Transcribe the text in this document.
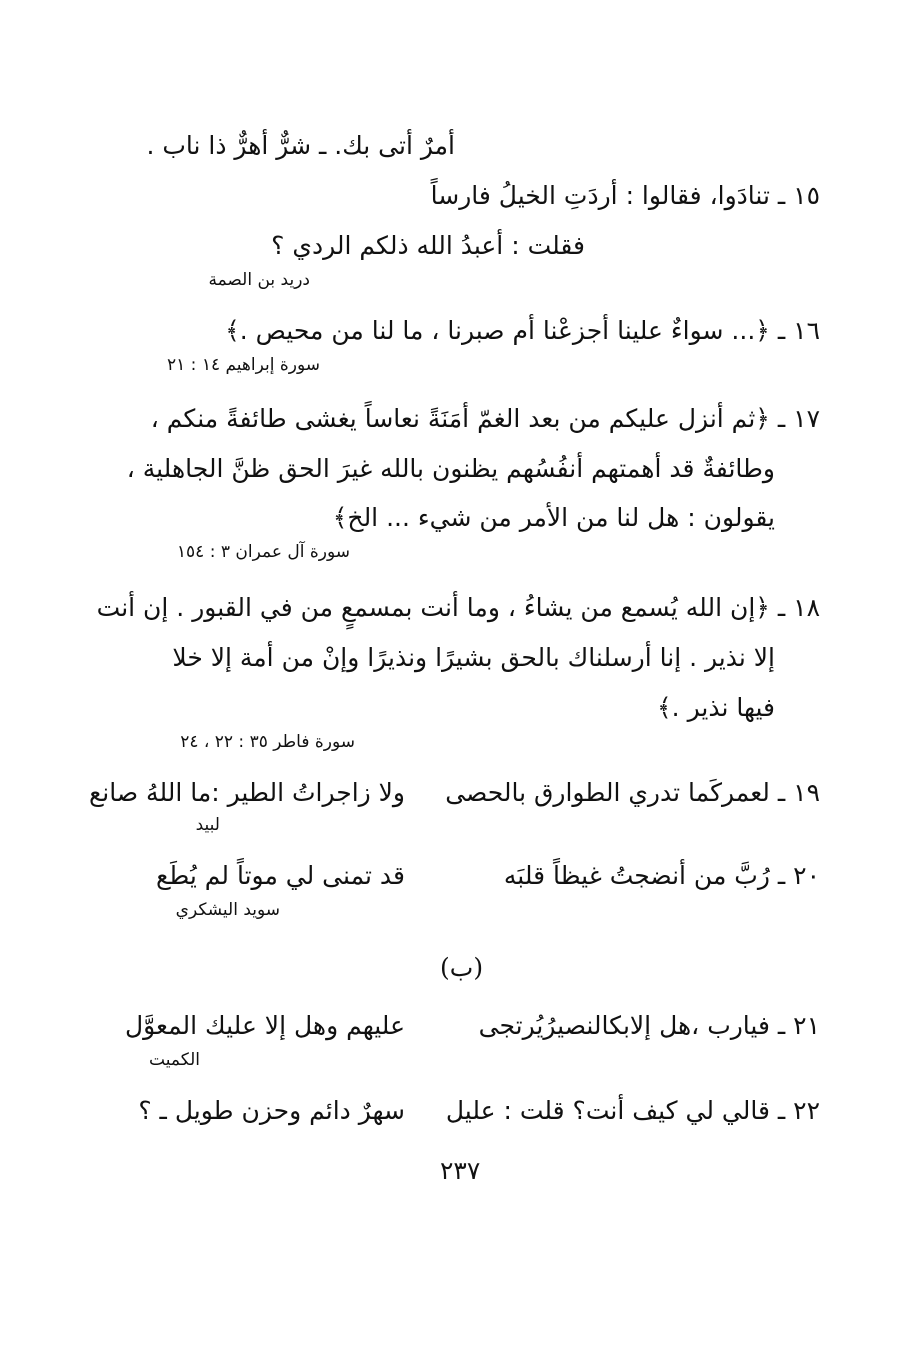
أمرٌ أتى بك. ـ شرٌّ أهرٌّ ذا ناب .
١٥ ـ تنادَوا، فقالوا : أردَتِ الخيلُ فارساً
فقلت : أعبدُ الله ذلكم الردي ؟
دريد بن الصمة
١٦ ـ ﴿... سواءٌ علينا أجزعْنا أم صبرنا ، ما لنا من محيص .﴾
سورة إبراهيم ١٤ : ٢١
١٧ ـ ﴿ثم أنزل عليكم من بعد الغمّ أمَنَةً نعاساً يغشى طائفةً منكم ،
وطائفةٌ قد أهمتهم أنفُسُهم يظنون بالله غيرَ الحق ظنَّ الجاهلية ،
يقولون : هل لنا من الأمر من شيء ... الخ﴾
سورة آل عمران ٣ : ١٥٤
١٨ ـ ﴿إن الله يُسمع من يشاءُ ، وما أنت بمسمعٍ من في القبور . إن أنت
إلا نذير . إنا أرسلناك بالحق بشيرًا ونذيرًا وإنْ من أمة إلا خلا
فيها نذير .﴾
سورة فاطر ٣٥ : ٢٢ ، ٢٤
١٩ ـ لعمركَما تدري الطوارق بالحصى
ولا زاجراتُ الطير :ما اللهُ صانع
لبيد
٢٠ ـ رُبَّ من أنضجتُ غيظاً قلبَه
قد تمنى لي موتاً لم يُطَع
سويد اليشكري
(ب)
٢١ ـ فيارب ،هل إلابكالنصيرُيُرتجى
عليهم وهل إلا عليك المعوَّل
الكميت
٢٢ ـ قالي لي كيف أنت؟ قلت : عليل
سهرٌ دائم وحزن طويل ـ ؟
٢٣٧
